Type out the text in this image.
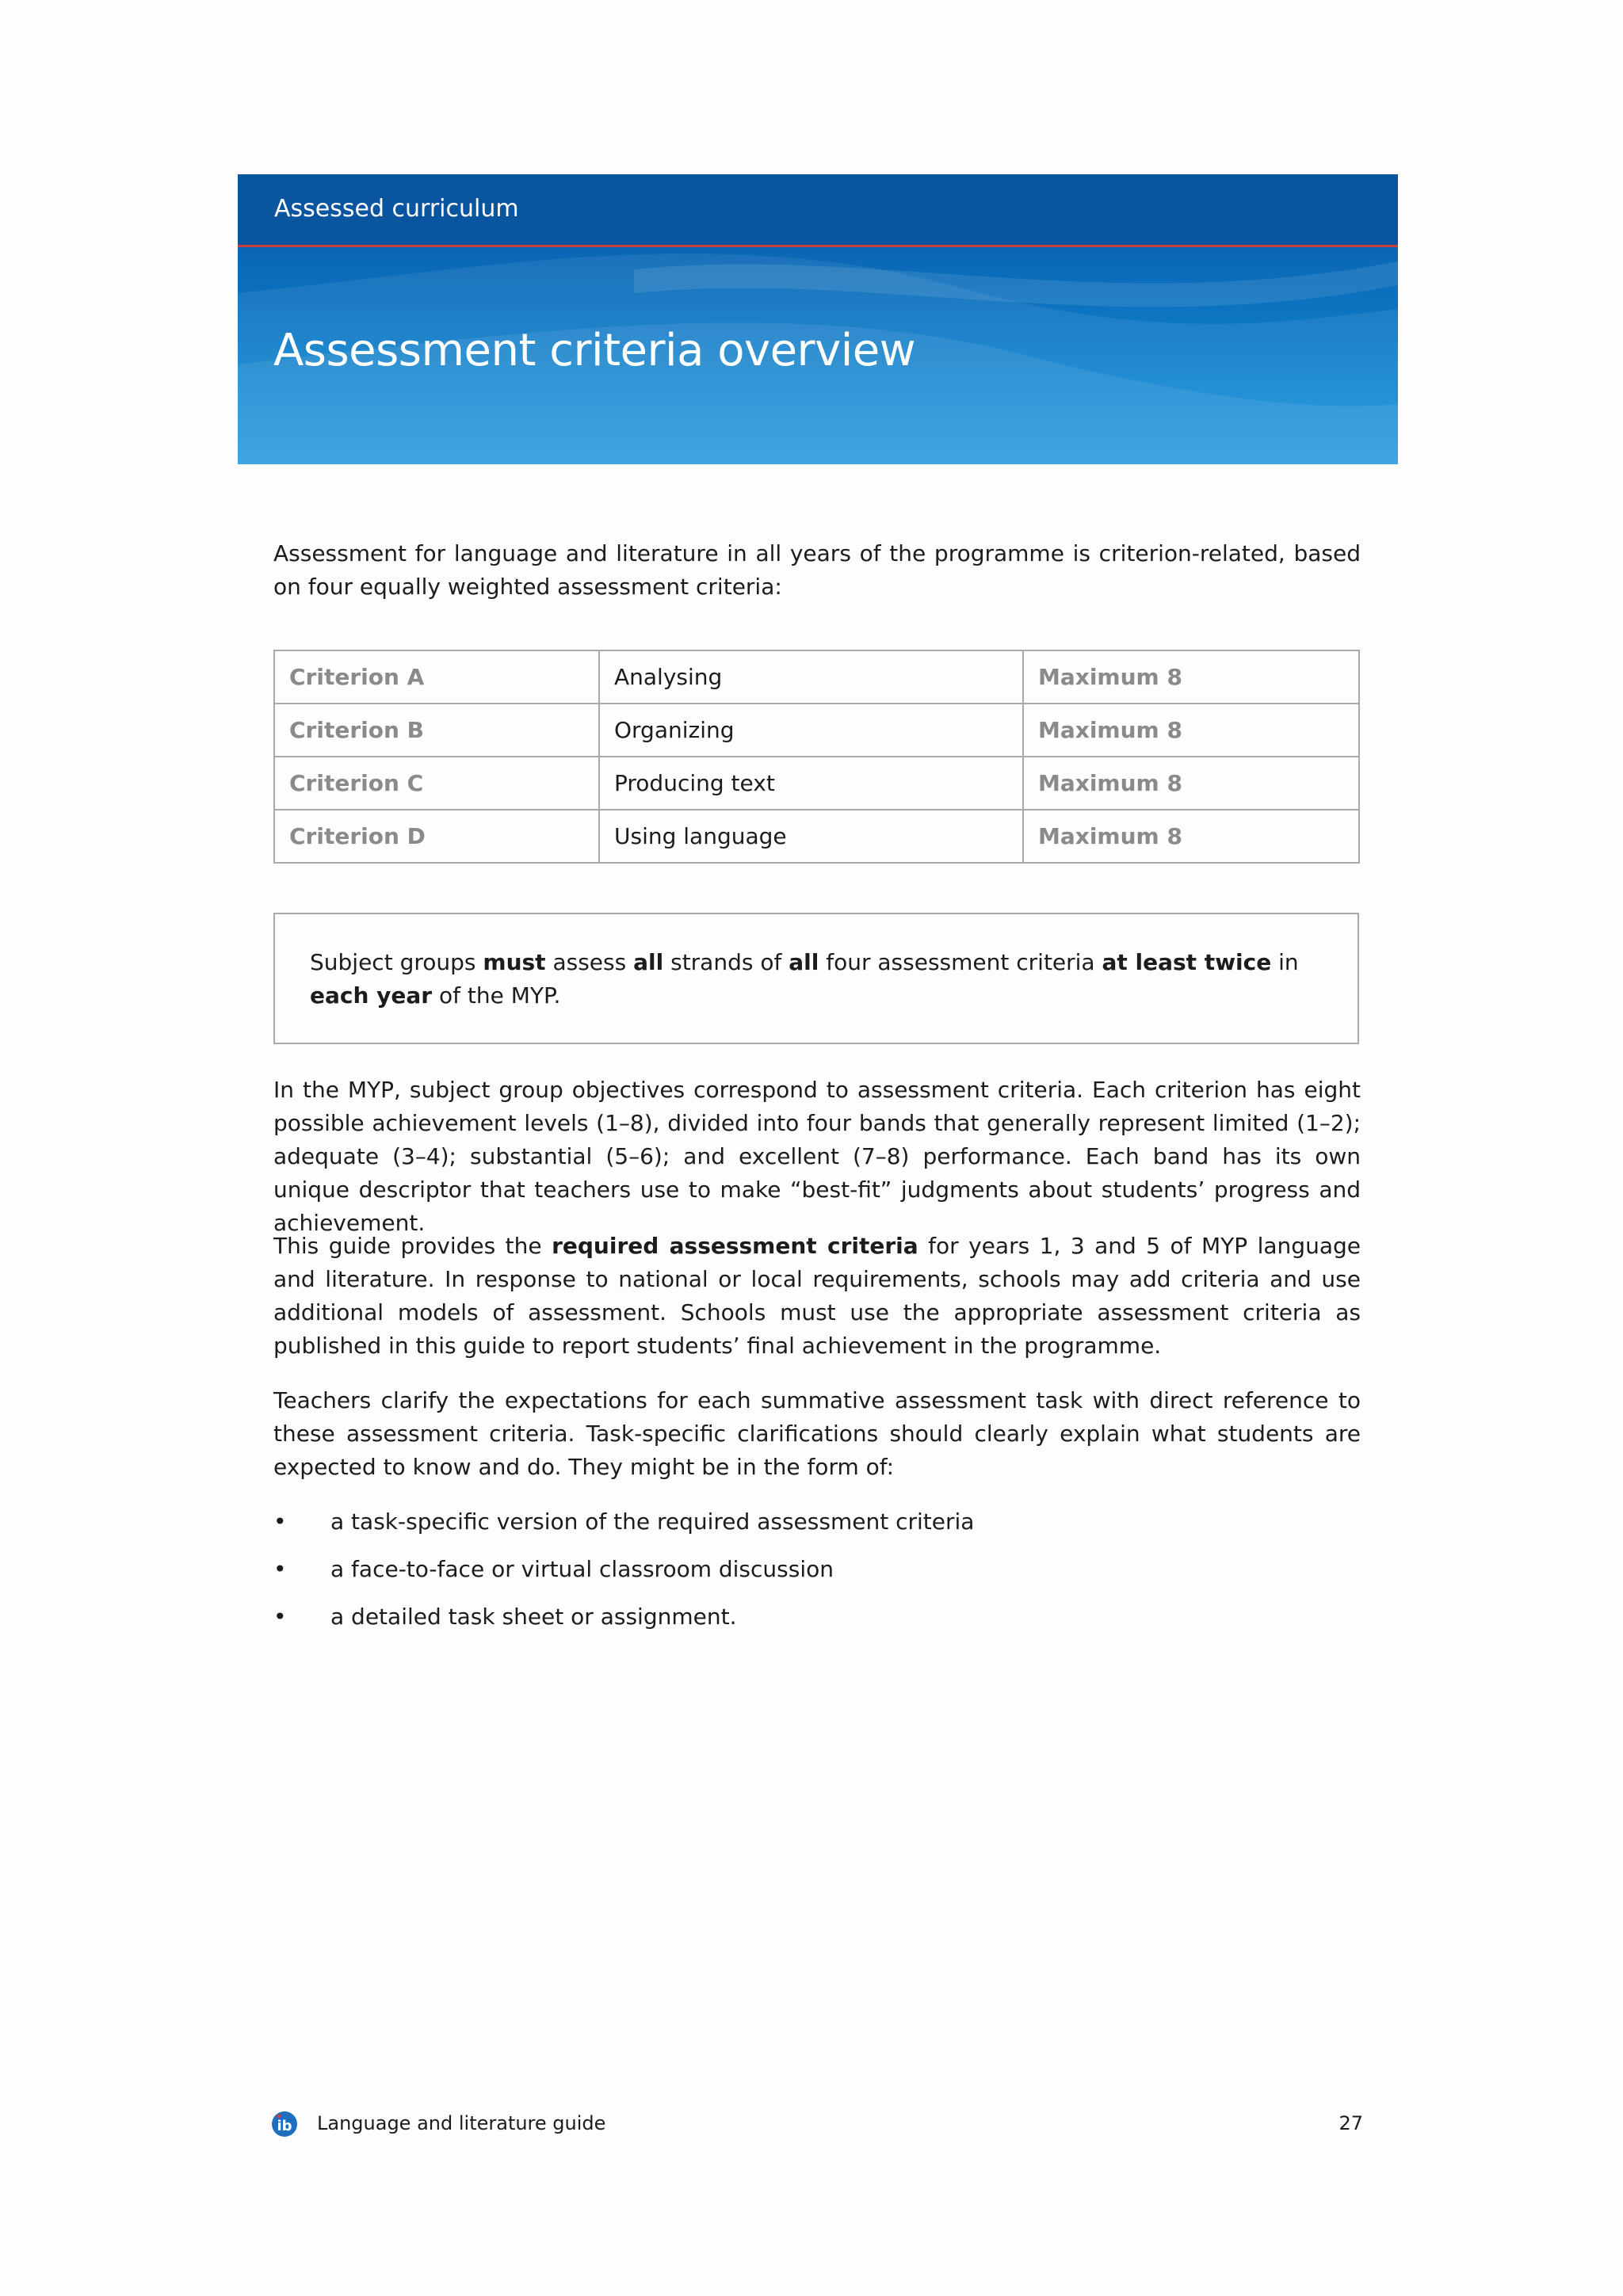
Assessed curriculum
Assessment criteria overview

Assessment for language and literature in all years of the programme is criterion-related, based on four equally weighted assessment criteria:

Criterion A	Analysing	Maximum 8
Criterion B	Organizing	Maximum 8
Criterion C	Producing text	Maximum 8
Criterion D	Using language	Maximum 8

Subject groups must assess all strands of all four assessment criteria at least twice in each year of the MYP.

In the MYP, subject group objectives correspond to assessment criteria. Each criterion has eight possible achievement levels (1–8), divided into four bands that generally represent limited (1–2); adequate (3–4); substantial (5–6); and excellent (7–8) performance. Each band has its own unique descriptor that teachers use to make “best-fit” judgments about students’ progress and achievement.

This guide provides the required assessment criteria for years 1, 3 and 5 of MYP language and literature. In response to national or local requirements, schools may add criteria and use additional models of assessment. Schools must use the appropriate assessment criteria as published in this guide to report students’ final achievement in the programme.

Teachers clarify the expectations for each summative assessment task with direct reference to these assessment criteria. Task-specific clarifications should clearly explain what students are expected to know and do. They might be in the form of:

• a task-specific version of the required assessment criteria
• a face-to-face or virtual classroom discussion
• a detailed task sheet or assignment.
ib Language and literature guide	27
